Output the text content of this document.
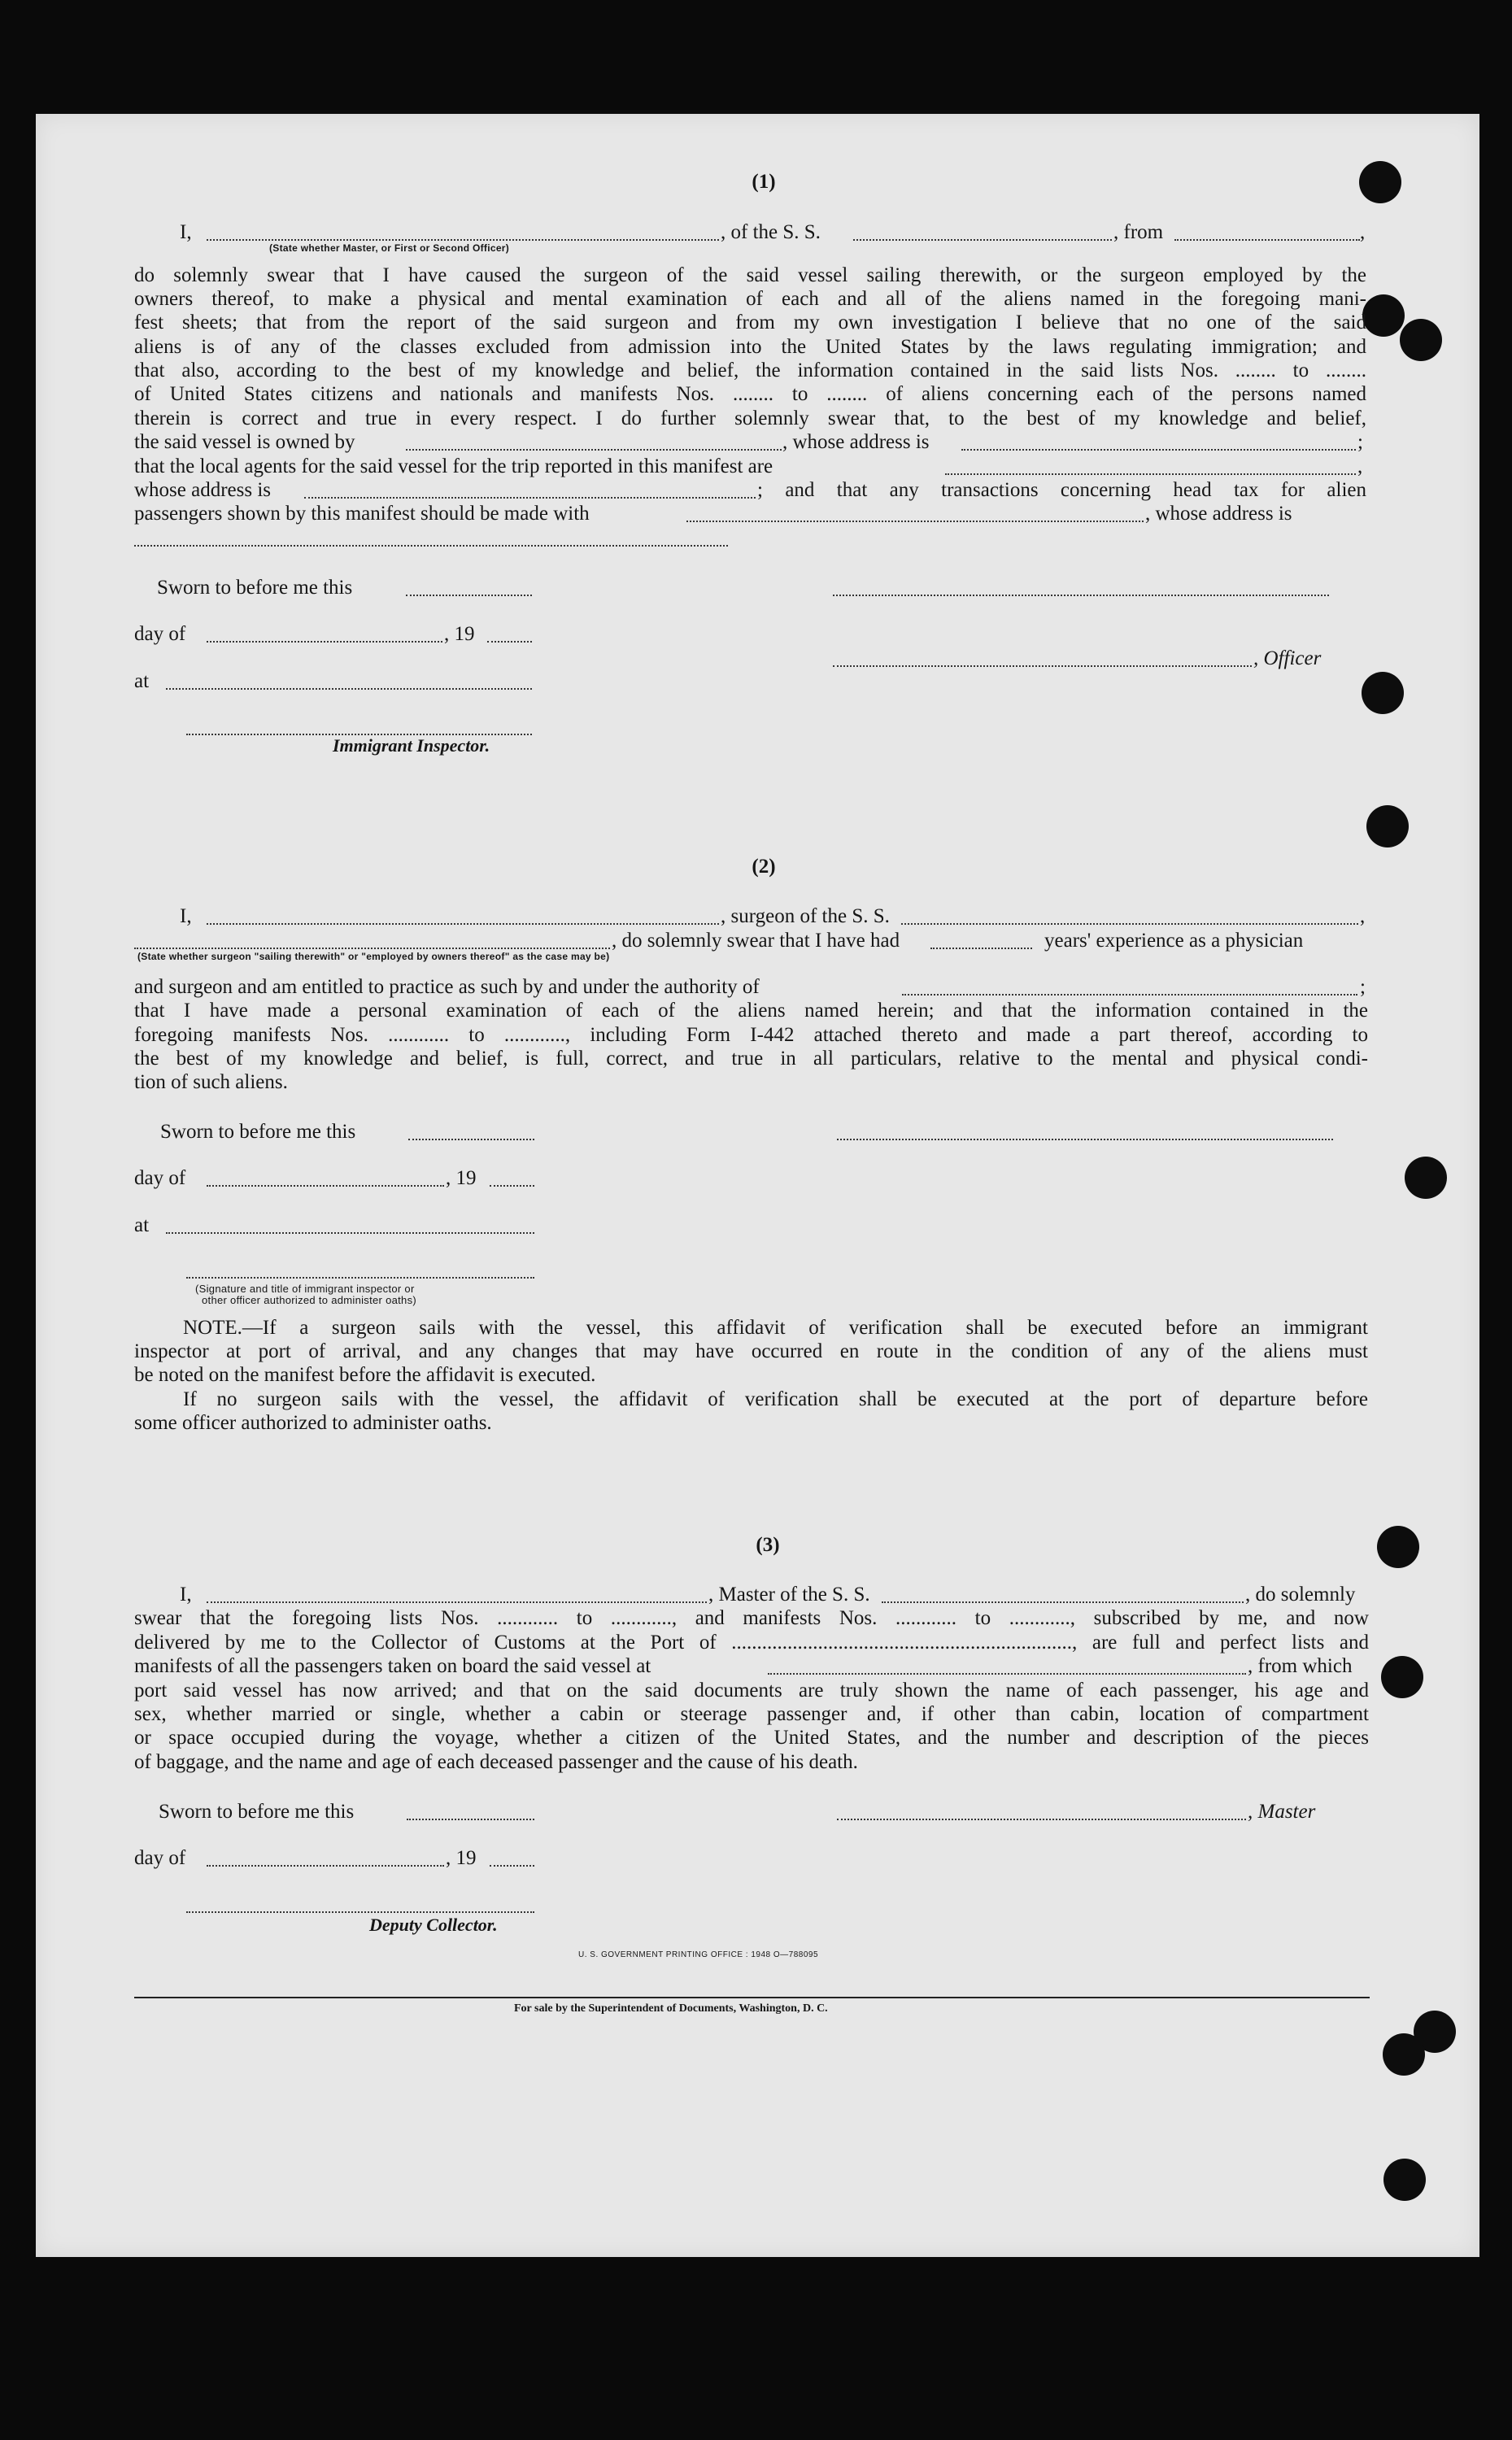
(1)
I,	, of the S. S.	, from	,
(State whether Master, or First or Second Officer)
do solemnly swear that I have caused the surgeon of the said vessel sailing therewith, or the surgeon employed by the
owners thereof, to make a physical and mental examination of each and all of the aliens named in the foregoing mani-
fest sheets; that from the report of the said surgeon and from my own investigation I believe that no one of the said
aliens is of any of the classes excluded from admission into the United States by the laws regulating immigration; and
that also, according to the best of my knowledge and belief, the information contained in the said lists Nos. ........ to ........
of United States citizens and nationals and manifests Nos. ........ to ........ of aliens concerning each of the persons named
therein is correct and true in every respect. I do further solemnly swear that, to the best of my knowledge and belief,
the said vessel is owned by	, whose address is	;
that the local agents for the said vessel for the trip reported in this manifest are	,
whose address is	; and that any transactions concerning head tax for alien
passengers shown by this manifest should be made with	, whose address is
Sworn to before me this
day of	, 19
, Officer
at
Immigrant Inspector.
(2)
I,	, surgeon of the S. S.	,
, do solemnly swear that I have had	years' experience as a physician
(State whether surgeon "sailing therewith" or "employed by owners thereof" as the case may be)
and surgeon and am entitled to practice as such by and under the authority of	;
that I have made a personal examination of each of the aliens named herein; and that the information contained in the
foregoing manifests Nos. ............ to ............, including Form I-442 attached thereto and made a part thereof, according to
the best of my knowledge and belief, is full, correct, and true in all particulars, relative to the mental and physical condi-
tion of such aliens.
Sworn to before me this
day of	, 19
at
(Signature and title of immigrant inspector or
other officer authorized to administer oaths)
NOTE.—If a surgeon sails with the vessel, this affidavit of verification shall be executed before an immigrant
inspector at port of arrival, and any changes that may have occurred en route in the condition of any of the aliens must
be noted on the manifest before the affidavit is executed.
If no surgeon sails with the vessel, the affidavit of verification shall be executed at the port of departure before
some officer authorized to administer oaths.
(3)
I,	, Master of the S. S.	, do solemnly
swear that the foregoing lists Nos. ............ to ............, and manifests Nos. ............ to ............, subscribed by me, and now
delivered by me to the Collector of Customs at the Port of ..................................................................., are full and perfect lists and
manifests of all the passengers taken on board the said vessel at	, from which
port said vessel has now arrived; and that on the said documents are truly shown the name of each passenger, his age and
sex, whether married or single, whether a cabin or steerage passenger and, if other than cabin, location of compartment
or space occupied during the voyage, whether a citizen of the United States, and the number and description of the pieces
of baggage, and the name and age of each deceased passenger and the cause of his death.
Sworn to before me this	, Master
day of	, 19
Deputy Collector.
U. S. GOVERNMENT PRINTING OFFICE : 1948 O—788095
For sale by the Superintendent of Documents, Washington, D. C.
